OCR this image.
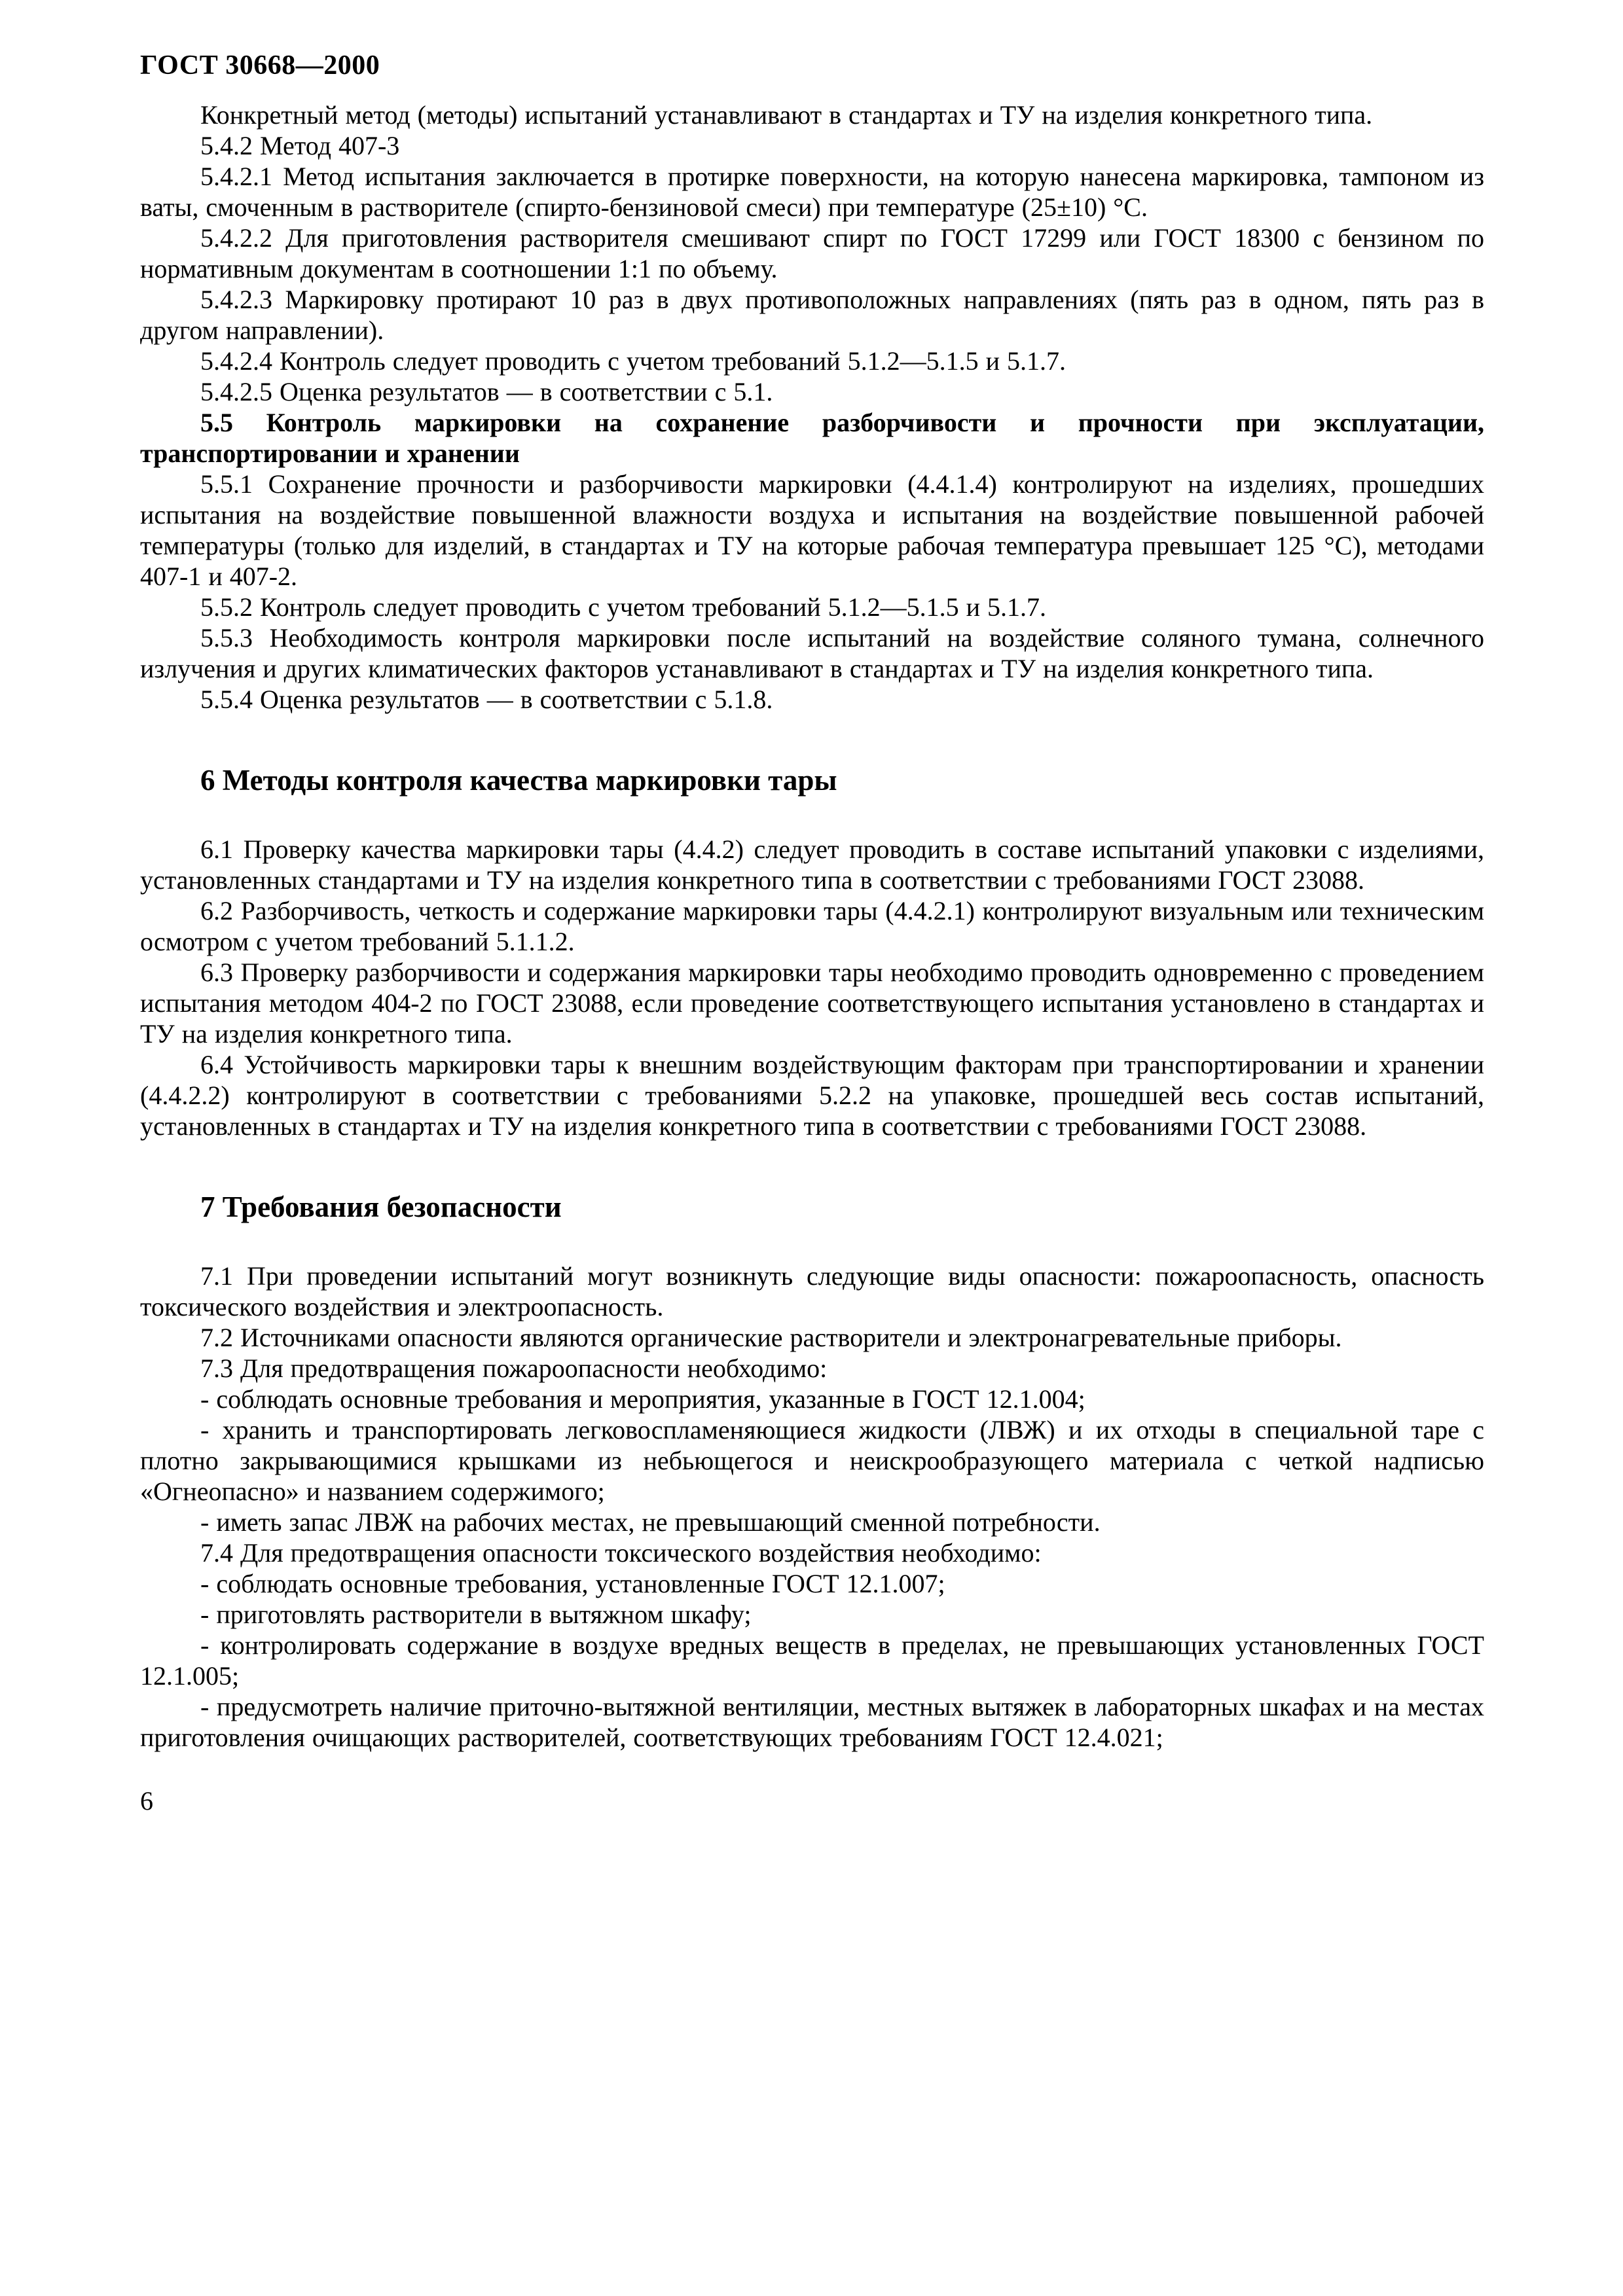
ГОСТ 30668—2000

Конкретный метод (методы) испытаний устанавливают в стандартах и ТУ на изделия конкретного типа.

5.4.2 Метод 407-3

5.4.2.1 Метод испытания заключается в протирке поверхности, на которую нанесена маркировка, тампоном из ваты, смоченным в растворителе (спирто-бензиновой смеси) при температуре (25±10) °С.

5.4.2.2 Для приготовления растворителя смешивают спирт по ГОСТ 17299 или ГОСТ 18300 с бензином по нормативным документам в соотношении 1:1 по объему.

5.4.2.3 Маркировку протирают 10 раз в двух противоположных направлениях (пять раз в одном, пять раз в другом направлении).

5.4.2.4 Контроль следует проводить с учетом требований 5.1.2—5.1.5 и 5.1.7.

5.4.2.5 Оценка результатов — в соответствии с 5.1.

5.5 Контроль маркировки на сохранение разборчивости и прочности при эксплуатации, транспортировании и хранении

5.5.1 Сохранение прочности и разборчивости маркировки (4.4.1.4) контролируют на изделиях, прошедших испытания на воздействие повышенной влажности воздуха и испытания на воздействие повышенной рабочей температуры (только для изделий, в стандартах и ТУ на которые рабочая температура превышает 125 °С), методами 407-1 и 407-2.

5.5.2 Контроль следует проводить с учетом требований 5.1.2—5.1.5 и 5.1.7.

5.5.3 Необходимость контроля маркировки после испытаний на воздействие соляного тумана, солнечного излучения и других климатических факторов устанавливают в стандартах и ТУ на изделия конкретного типа.

5.5.4 Оценка результатов — в соответствии с 5.1.8.

6 Методы контроля качества маркировки тары

6.1 Проверку качества маркировки тары (4.4.2) следует проводить в составе испытаний упаковки с изделиями, установленных стандартами и ТУ на изделия конкретного типа в соответствии с требованиями ГОСТ 23088.

6.2 Разборчивость, четкость и содержание маркировки тары (4.4.2.1) контролируют визуальным или техническим осмотром с учетом требований 5.1.1.2.

6.3 Проверку разборчивости и содержания маркировки тары необходимо проводить одновременно с проведением испытания методом 404-2 по ГОСТ 23088, если проведение соответствующего испытания установлено в стандартах и ТУ на изделия конкретного типа.

6.4 Устойчивость маркировки тары к внешним воздействующим факторам при транспортировании и хранении (4.4.2.2) контролируют в соответствии с требованиями 5.2.2 на упаковке, прошедшей весь состав испытаний, установленных в стандартах и ТУ на изделия конкретного типа в соответствии с требованиями ГОСТ 23088.

7 Требования безопасности

7.1 При проведении испытаний могут возникнуть следующие виды опасности: пожароопасность, опасность токсического воздействия и электроопасность.

7.2 Источниками опасности являются органические растворители и электронагревательные приборы.

7.3 Для предотвращения пожароопасности необходимо:

- соблюдать основные требования и мероприятия, указанные в ГОСТ 12.1.004;

- хранить и транспортировать легковоспламеняющиеся жидкости (ЛВЖ) и их отходы в специальной таре с плотно закрывающимися крышками из небьющегося и неискрообразующего материала с четкой надписью «Огнеопасно» и названием содержимого;

- иметь запас ЛВЖ на рабочих местах, не превышающий сменной потребности.

7.4 Для предотвращения опасности токсического воздействия необходимо:

- соблюдать основные требования, установленные ГОСТ 12.1.007;

- приготовлять растворители в вытяжном шкафу;

- контролировать содержание в воздухе вредных веществ в пределах, не превышающих установленных ГОСТ 12.1.005;

- предусмотреть наличие приточно-вытяжной вентиляции, местных вытяжек в лабораторных шкафах и на местах приготовления очищающих растворителей, соответствующих требованиям ГОСТ 12.4.021;

6
